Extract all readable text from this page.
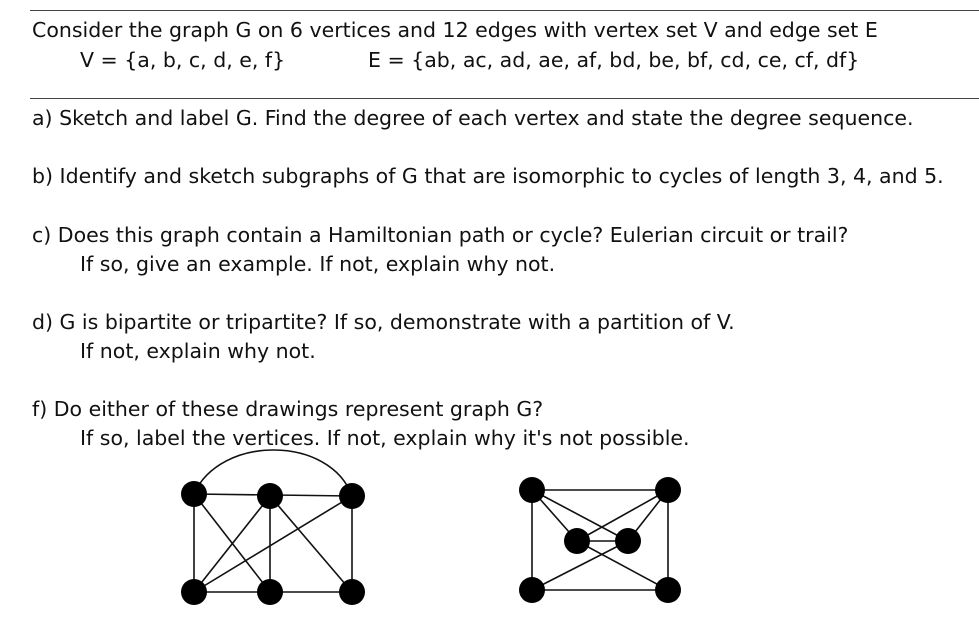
Consider the graph G on 6 vertices and 12 edges with vertex set V and edge set E
V = {a, b, c, d, e, f}	E = {ab, ac, ad, ae, af, bd, be, bf, cd, ce, cf, df}
a) Sketch and label G. Find the degree of each vertex and state the degree sequence.
b) Identify and sketch subgraphs of G that are isomorphic to cycles of length 3, 4, and 5.
c) Does this graph contain a Hamiltonian path or cycle? Eulerian circuit or trail?
If so, give an example. If not, explain why not.
d) G is bipartite or tripartite? If so, demonstrate with a partition of V.
If not, explain why not.
f) Do either of these drawings represent graph G?
If so, label the vertices. If not, explain why it's not possible.
